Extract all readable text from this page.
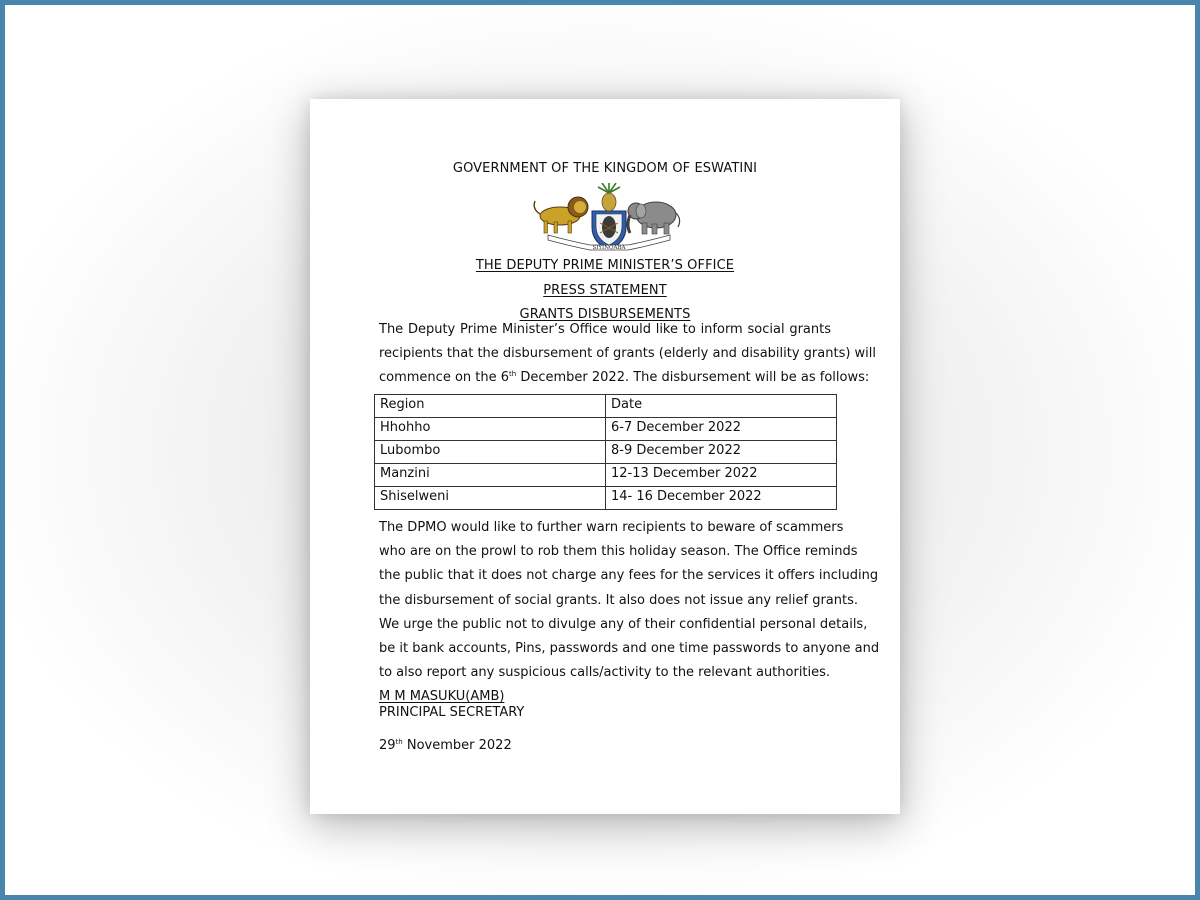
GOVERNMENT OF THE KINGDOM OF ESWATINI
SIYINQABA
THE DEPUTY PRIME MINISTER’S OFFICE
PRESS STATEMENT
GRANTS DISBURSEMENTS
The Deputy Prime Minister’s Office would like to inform social grants
recipients that the disbursement of grants (elderly and disability grants) will
commence on the 6th December 2022. The disbursement will be as follows:
Region	Date
Hhohho	6-7 December 2022
Lubombo	8-9 December 2022
Manzini	12-13 December 2022
Shiselweni	14- 16 December 2022
The DPMO would like to further warn recipients to beware of scammers
who are on the prowl to rob them this holiday season. The Office reminds
the public that it does not charge any fees for the services it offers including
the disbursement of social grants. It also does not issue any relief grants.
We urge the public not to divulge any of their confidential personal details,
be it bank accounts, Pins, passwords and one time passwords to anyone and
to also report any suspicious calls/activity to the relevant authorities.
M M MASUKU(AMB)
PRINCIPAL SECRETARY
29th November 2022
